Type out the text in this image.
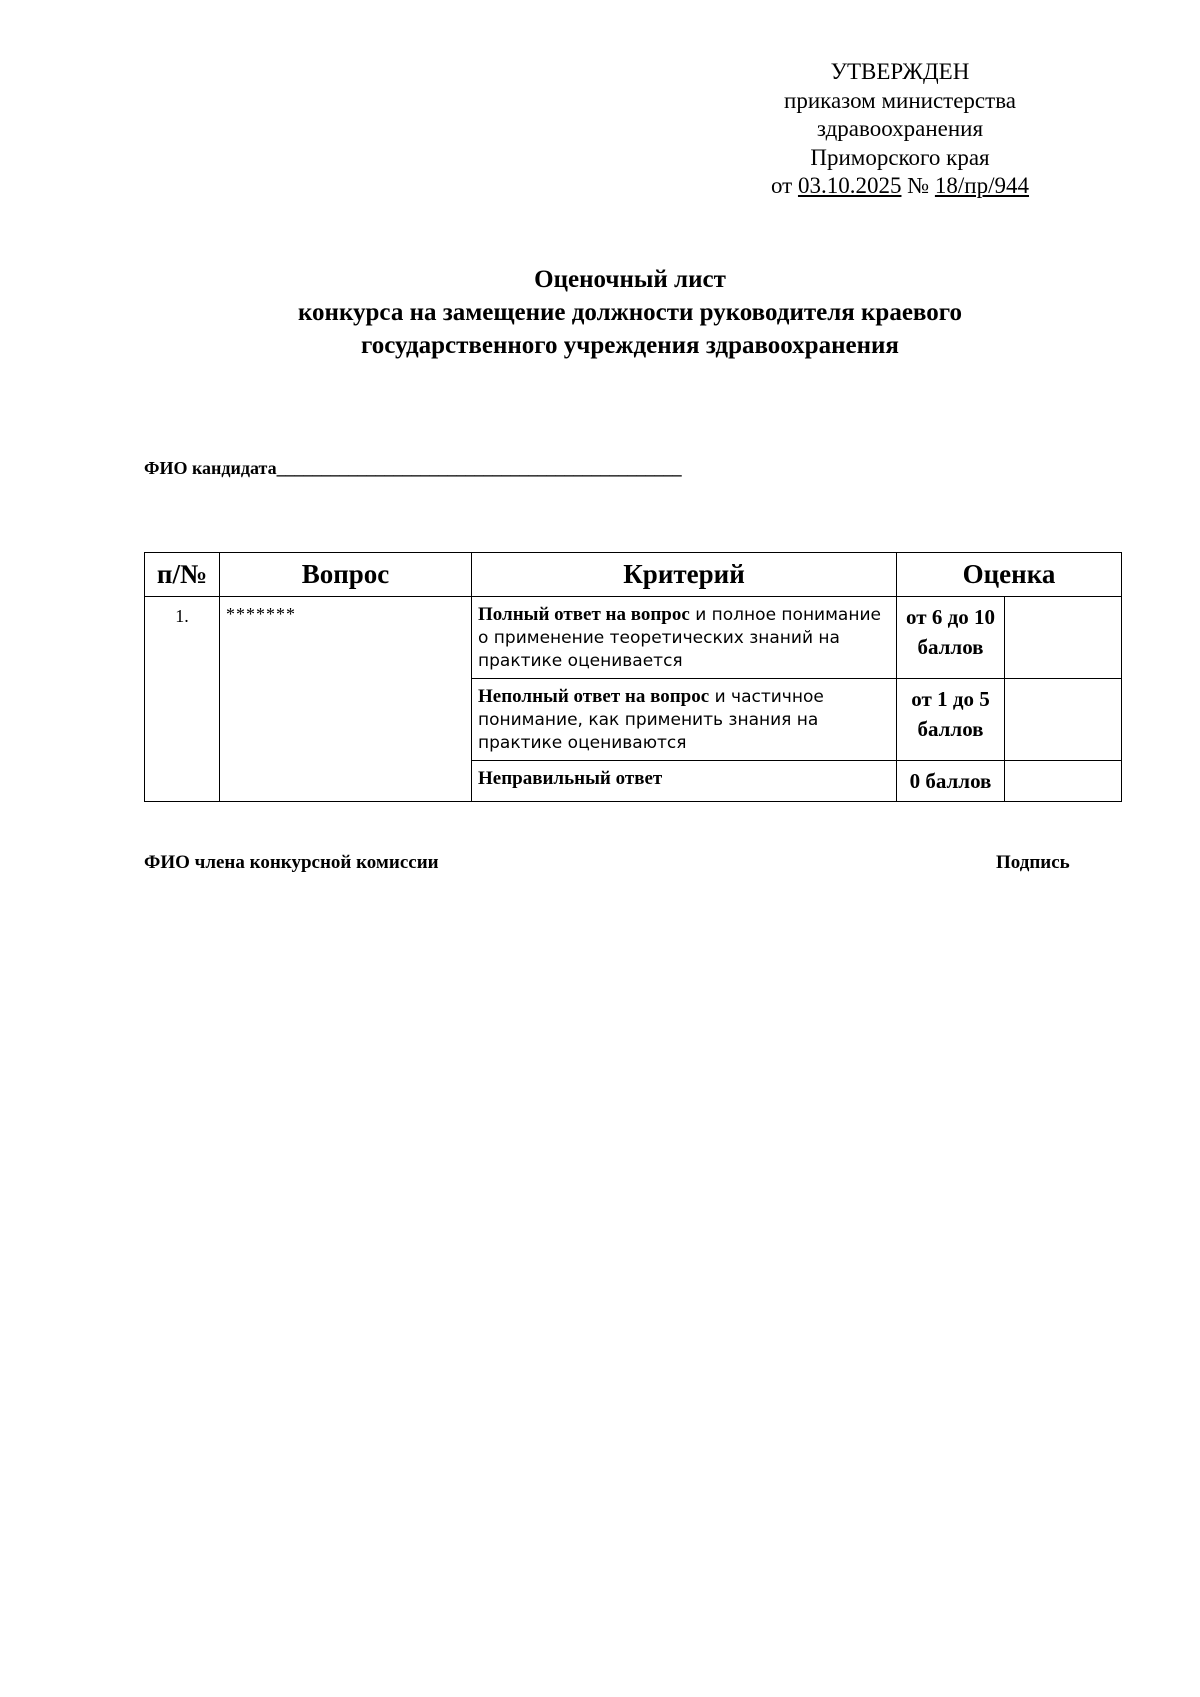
УТВЕРЖДЕН
приказом министерства
здравоохранения
Приморского края
от 03.10.2025 № 18/пр/944
Оценочный лист
конкурса на замещение должности руководителя краевого
государственного учреждения здравоохранения
ФИО кандидата_____________________________________________
п/№	Вопрос	Критерий	Оценка	
1.	*******	Полный ответ на вопрос и полное понимание о применение теоретических знаний на практике оценивается	от 6 до 10 баллов	
		Неполный ответ на вопрос и частичное понимание, как применить знания на практике оцениваются	от 1 до 5 баллов	
		Неправильный ответ	0 баллов	
ФИО члена конкурсной комиссии	Подпись
